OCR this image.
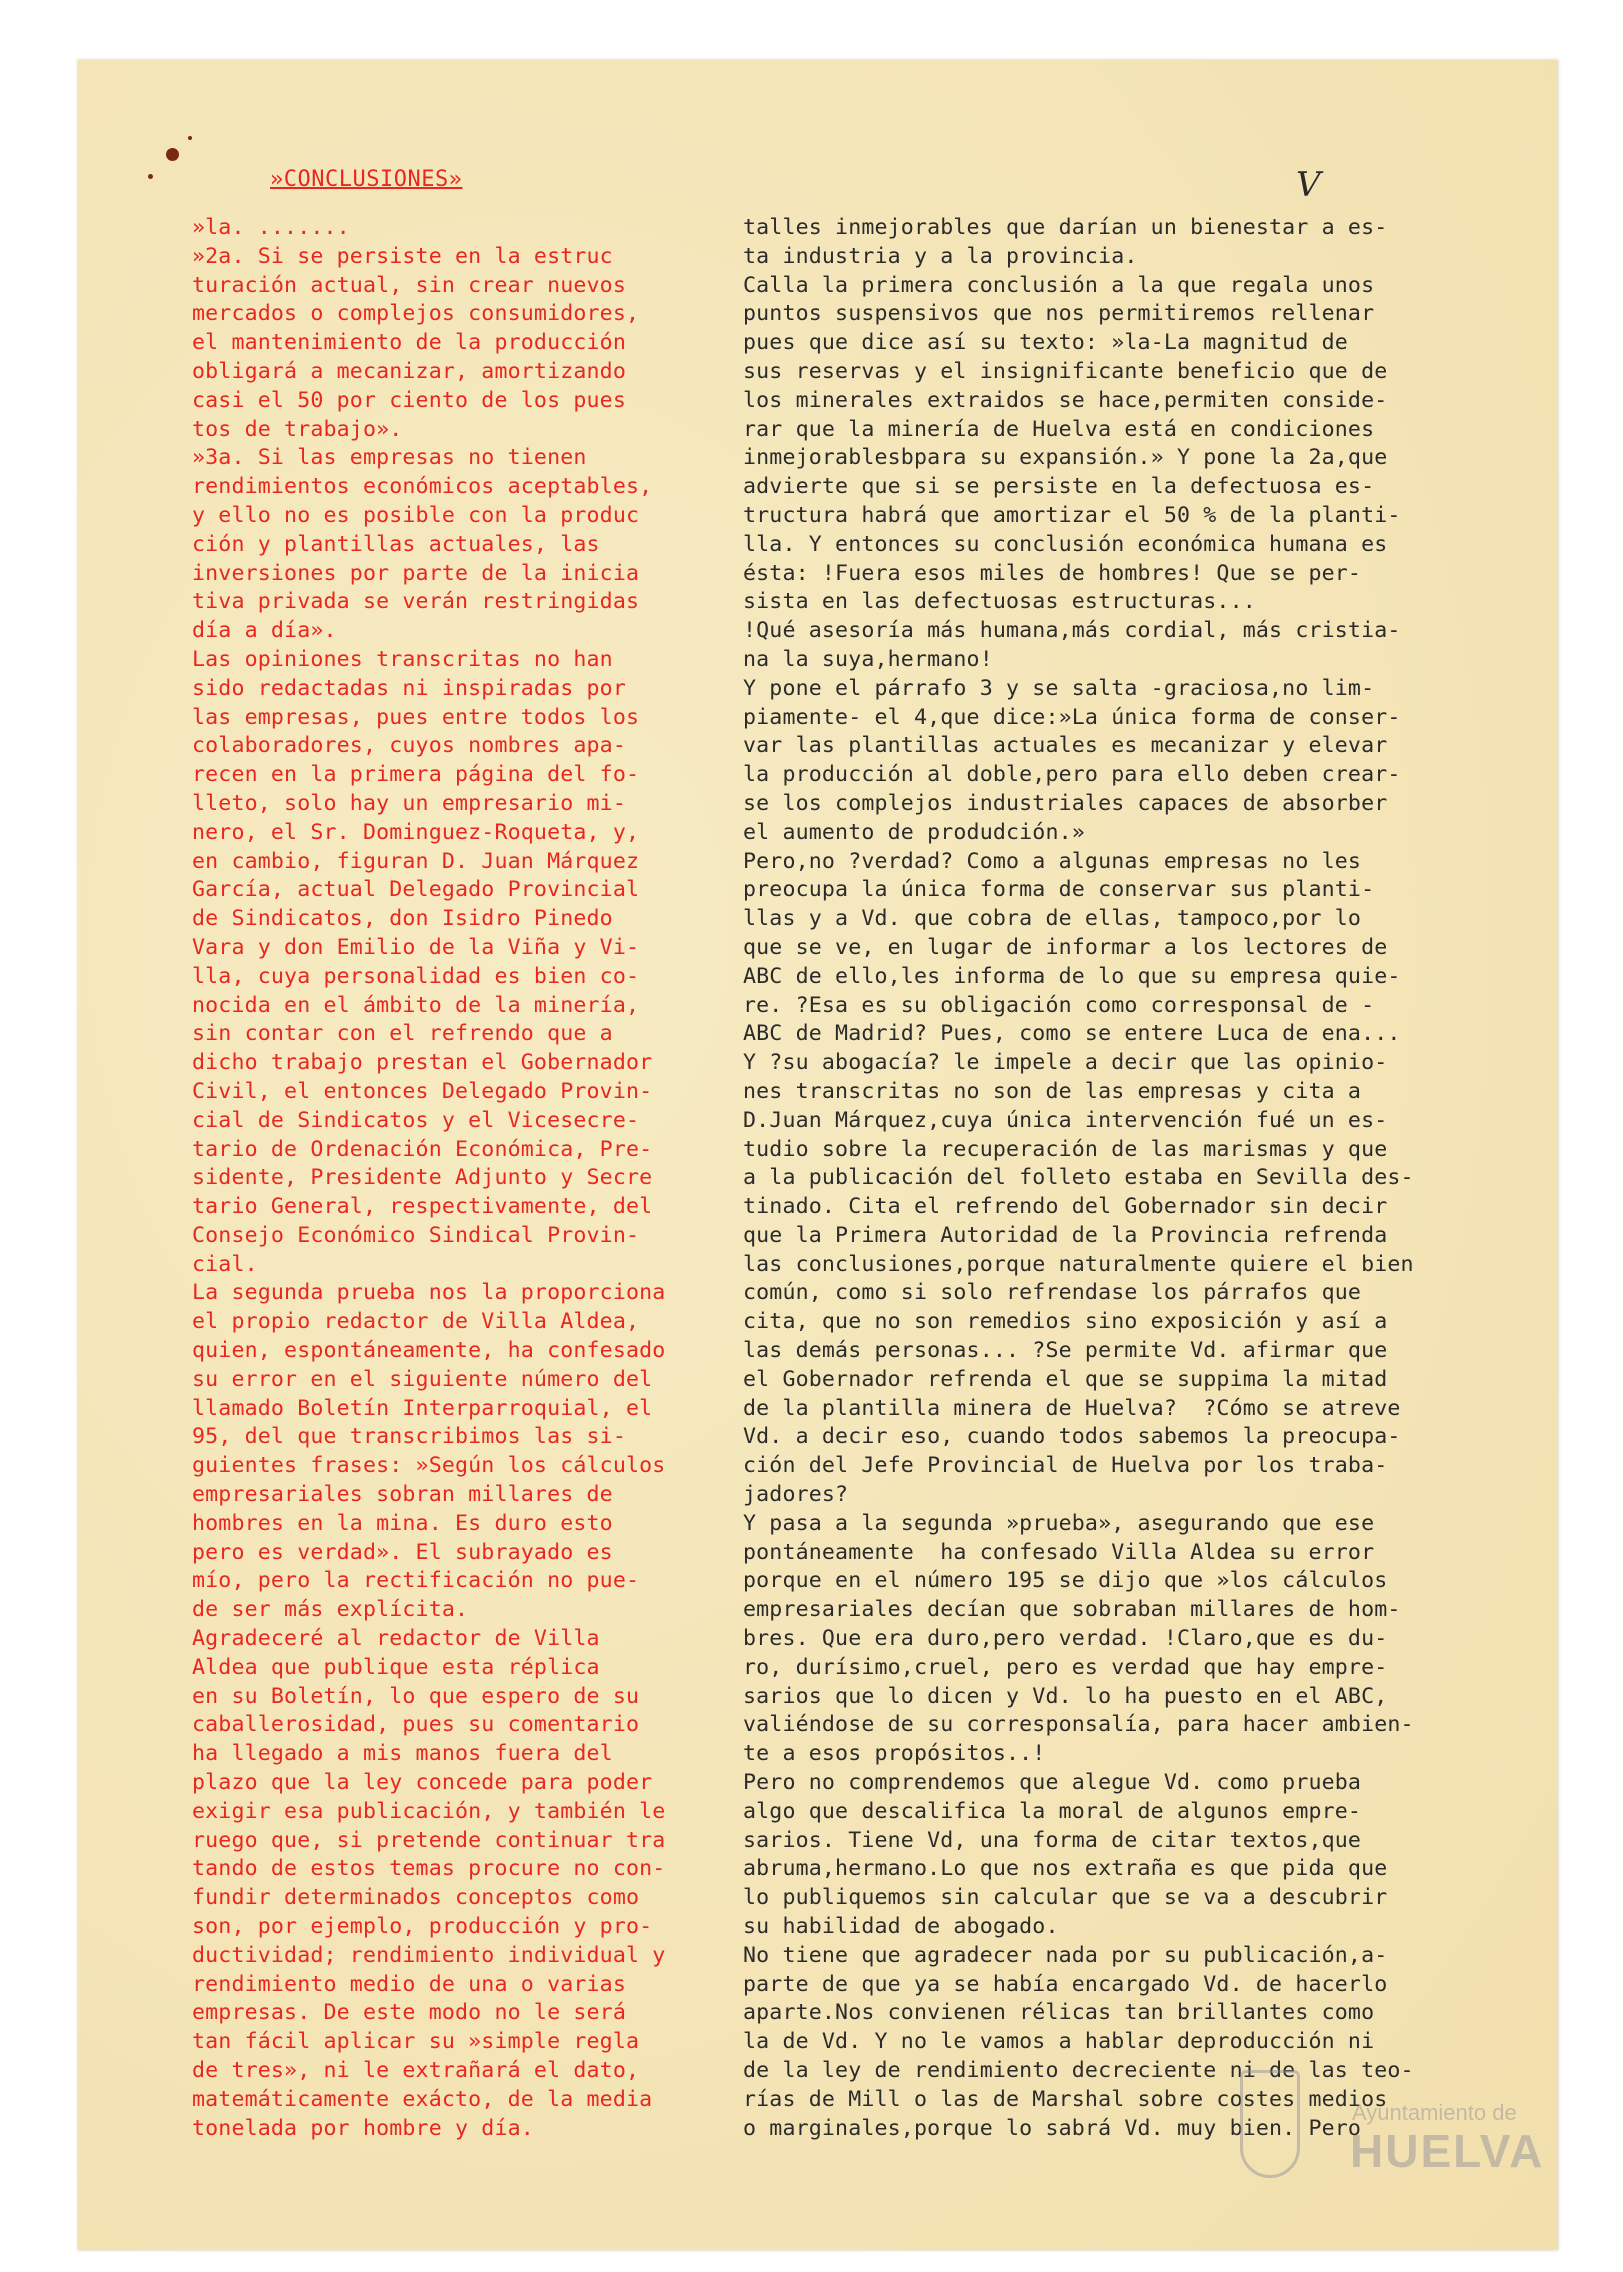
»CONCLUSIONES»	V
»la. .......
»2a. Si se persiste en la estruc
turación actual, sin crear nuevos
mercados o complejos consumidores,
el mantenimiento de la producción
obligará a mecanizar, amortizando
casi el 50 por ciento de los pues
tos de trabajo».
»3a. Si las empresas no tienen
rendimientos económicos aceptables,
y ello no es posible con la produc
ción y plantillas actuales, las
inversiones por parte de la inicia
tiva privada se verán restringidas
día a día».
Las opiniones transcritas no han
sido redactadas ni inspiradas por
las empresas, pues entre todos los
colaboradores, cuyos nombres apa-
recen en la primera página del fo-
lleto, solo hay un empresario mi-
nero, el Sr. Dominguez-Roqueta, y,
en cambio, figuran D. Juan Márquez
García, actual Delegado Provincial
de Sindicatos, don Isidro Pinedo
Vara y don Emilio de la Viña y Vi-
lla, cuya personalidad es bien co-
nocida en el ámbito de la minería,
sin contar con el refrendo que a
dicho trabajo prestan el Gobernador
Civil, el entonces Delegado Provin-
cial de Sindicatos y el Vicesecre-
tario de Ordenación Económica, Pre-
sidente, Presidente Adjunto y Secre
tario General, respectivamente, del
Consejo Económico Sindical Provin-
cial.
La segunda prueba nos la proporciona
el propio redactor de Villa Aldea,
quien, espontáneamente, ha confesado
su error en el siguiente número del
llamado Boletín Interparroquial, el
95, del que transcribimos las si-
guientes frases: »Según los cálculos
empresariales sobran millares de
hombres en la mina. Es duro esto
pero es verdad». El subrayado es
mío, pero la rectificación no pue-
de ser más explícita.
Agradeceré al redactor de Villa
Aldea que publique esta réplica
en su Boletín, lo que espero de su
caballerosidad, pues su comentario
ha llegado a mis manos fuera del
plazo que la ley concede para poder
exigir esa publicación, y también le
ruego que, si pretende continuar tra
tando de estos temas procure no con-
fundir determinados conceptos como
son, por ejemplo, producción y pro-
ductividad; rendimiento individual y
rendimiento medio de una o varias
empresas. De este modo no le será
tan fácil aplicar su »simple regla
de tres», ni le extrañará el dato,
matemáticamente exácto, de la media
tonelada por hombre y día.
talles inmejorables que darían un bienestar a es-
ta industria y a la provincia.
Calla la primera conclusión a la que regala unos
puntos suspensivos que nos permitiremos rellenar
pues que dice así su texto: »la-La magnitud de
sus reservas y el insignificante beneficio que de
los minerales extraidos se hace,permiten conside-
rar que la minería de Huelva está en condiciones
inmejorablesbpara su expansión.» Y pone la 2a,que
advierte que si se persiste en la defectuosa es-
tructura habrá que amortizar el 50 % de la planti-
lla. Y entonces su conclusión económica humana es
ésta: !Fuera esos miles de hombres! Que se per-
sista en las defectuosas estructuras...
!Qué asesoría más humana,más cordial, más cristia-
na la suya,hermano!
Y pone el párrafo 3 y se salta -graciosa,no lim-
piamente- el 4,que dice:»La única forma de conser-
var las plantillas actuales es mecanizar y elevar
la producción al doble,pero para ello deben crear-
se los complejos industriales capaces de absorber
el aumento de produdción.»
Pero,no ?verdad? Como a algunas empresas no les
preocupa la única forma de conservar sus planti-
llas y a Vd. que cobra de ellas, tampoco,por lo
que se ve, en lugar de informar a los lectores de
ABC de ello,les informa de lo que su empresa quie-
re. ?Esa es su obligación como corresponsal de -
ABC de Madrid? Pues, como se entere Luca de ena...
Y ?su abogacía? le impele a decir que las opinio-
nes transcritas no son de las empresas y cita a
D.Juan Márquez,cuya única intervención fué un es-
tudio sobre la recuperación de las marismas y que
a la publicación del folleto estaba en Sevilla des-
tinado. Cita el refrendo del Gobernador sin decir
que la Primera Autoridad de la Provincia refrenda
las conclusiones,porque naturalmente quiere el bien
común, como si solo refrendase los párrafos que
cita, que no son remedios sino exposición y así a
las demás personas... ?Se permite Vd. afirmar que
el Gobernador refrenda el que se suppima la mitad
de la plantilla minera de Huelva?  ?Cómo se atreve
Vd. a decir eso, cuando todos sabemos la preocupa-
ción del Jefe Provincial de Huelva por los traba-
jadores?
Y pasa a la segunda »prueba», asegurando que ese
pontáneamente  ha confesado Villa Aldea su error
porque en el número 195 se dijo que »los cálculos
empresariales decían que sobraban millares de hom-
bres. Que era duro,pero verdad. !Claro,que es du-
ro, durísimo,cruel, pero es verdad que hay empre-
sarios que lo dicen y Vd. lo ha puesto en el ABC,
valiéndose de su corresponsalía, para hacer ambien-
te a esos propósitos..!
Pero no comprendemos que alegue Vd. como prueba
algo que descalifica la moral de algunos empre-
sarios. Tiene Vd, una forma de citar textos,que
abruma,hermano.Lo que nos extraña es que pida que
lo publiquemos sin calcular que se va a descubrir
su habilidad de abogado.
No tiene que agradecer nada por su publicación,a-
parte de que ya se había encargado Vd. de hacerlo
aparte.Nos convienen rélicas tan brillantes como
la de Vd. Y no le vamos a hablar deproducción ni
de la ley de rendimiento decreciente ni de las teo-
rías de Mill o las de Marshal sobre costes medios
o marginales,porque lo sabrá Vd. muy bien. Pero
Ayuntamiento de
HUELVA
